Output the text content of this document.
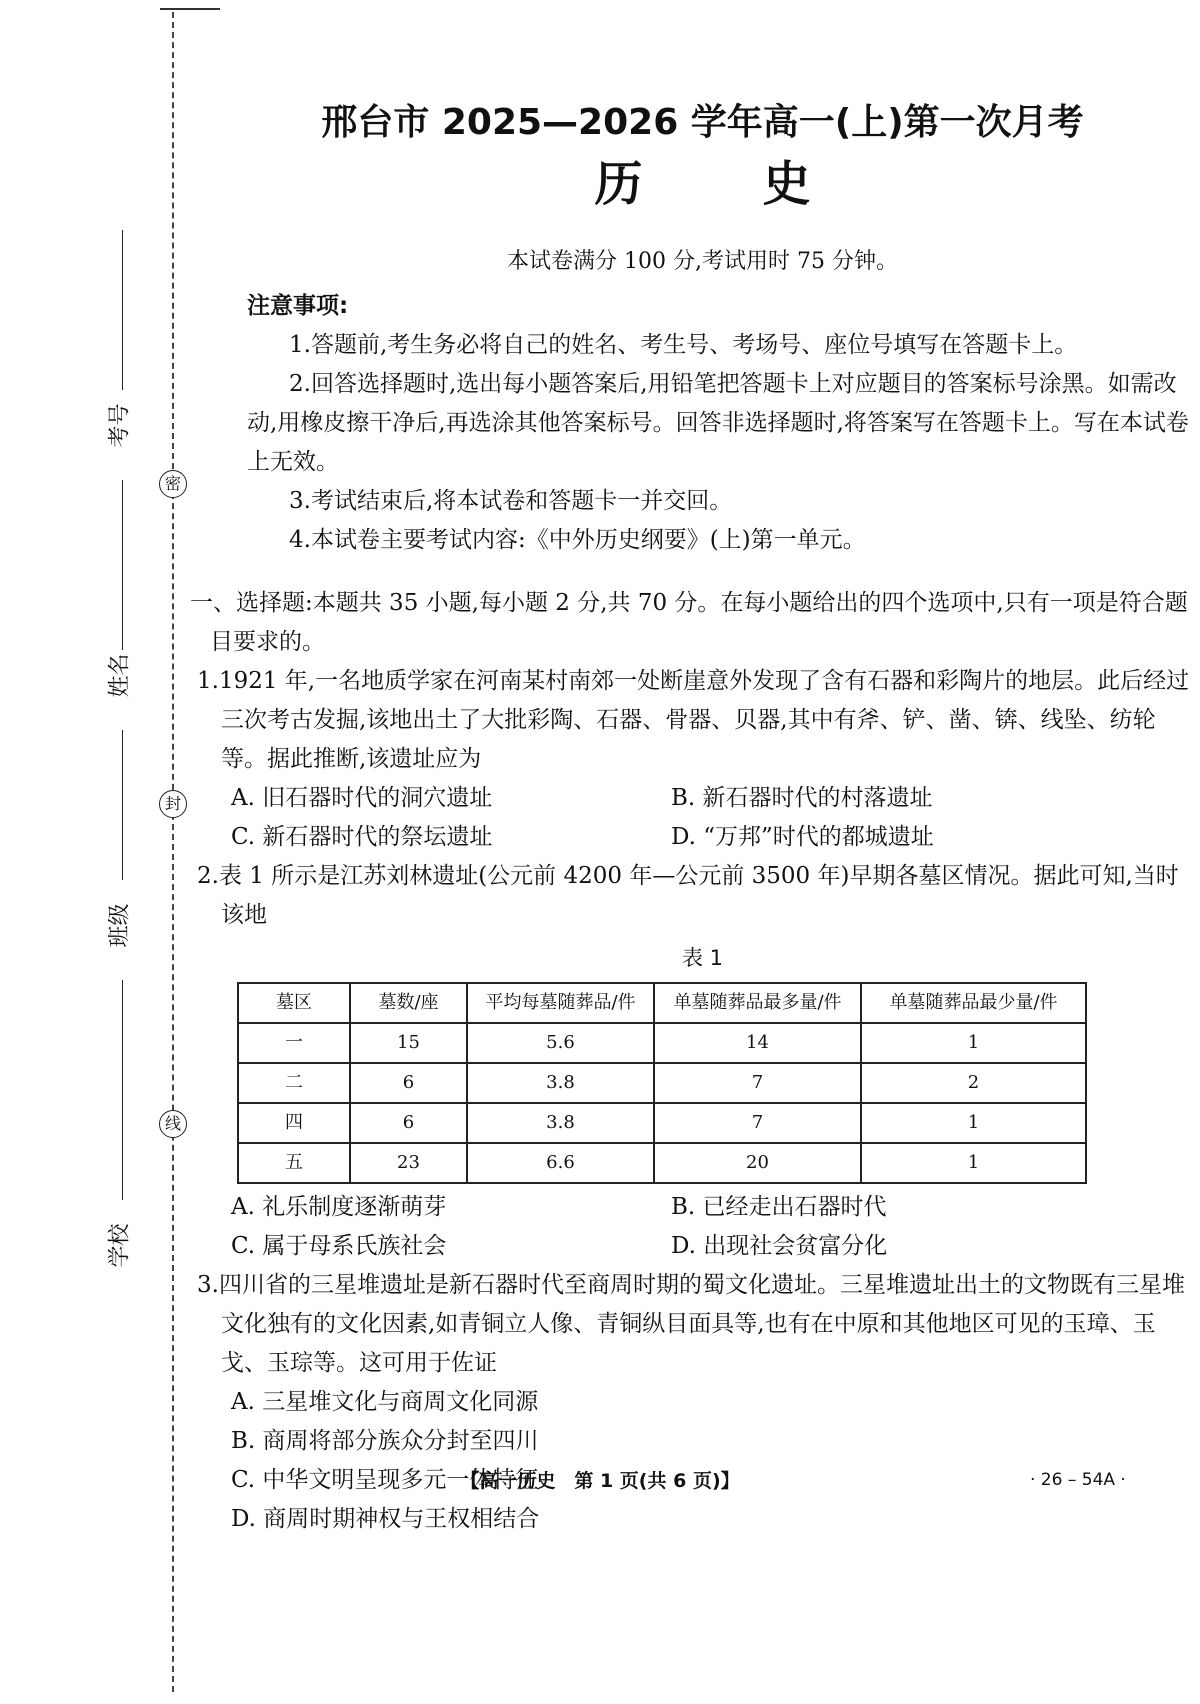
密
封
线
考号
姓名
班级
学校
邢台市 2025—2026 学年高一(上)第一次月考
历史
本试卷满分 100 分,考试用时 75 分钟。
注意事项:
1.答题前,考生务必将自己的姓名、考生号、考场号、座位号填写在答题卡上。
2.回答选择题时,选出每小题答案后,用铅笔把答题卡上对应题目的答案标号涂黑。如需改动,用橡皮擦干净后,再选涂其他答案标号。回答非选择题时,将答案写在答题卡上。写在本试卷上无效。
3.考试结束后,将本试卷和答题卡一并交回。
4.本试卷主要考试内容:《中外历史纲要》(上)第一单元。
一、选择题:本题共 35 小题,每小题 2 分,共 70 分。在每小题给出的四个选项中,只有一项是符合题目要求的。
1.1921 年,一名地质学家在河南某村南郊一处断崖意外发现了含有石器和彩陶片的地层。此后经过三次考古发掘,该地出土了大批彩陶、石器、骨器、贝器,其中有斧、铲、凿、锛、线坠、纺轮等。据此推断,该遗址应为
A. 旧石器时代的洞穴遗址	B. 新石器时代的村落遗址
C. 新石器时代的祭坛遗址	D. “万邦”时代的都城遗址
2.表 1 所示是江苏刘林遗址(公元前 4200 年—公元前 3500 年)早期各墓区情况。据此可知,当时该地
表 1
墓区	墓数/座	平均每墓随葬品/件	单墓随葬品最多量/件	单墓随葬品最少量/件
一	15	5.6	14	1
二	6	3.8	7	2
四	6	3.8	7	1
五	23	6.6	20	1
A. 礼乐制度逐渐萌芽	B. 已经走出石器时代
C. 属于母系氏族社会	D. 出现社会贫富分化
3.四川省的三星堆遗址是新石器时代至商周时期的蜀文化遗址。三星堆遗址出土的文物既有三星堆文化独有的文化因素,如青铜立人像、青铜纵目面具等,也有在中原和其他地区可见的玉璋、玉戈、玉琮等。这可用于佐证
A. 三星堆文化与商周文化同源
B. 商周将部分族众分封至四川
C. 中华文明呈现多元一体特征
D. 商周时期神权与王权相结合
【高一历史　第 1 页(共 6 页)】	· 26 – 54A ·
